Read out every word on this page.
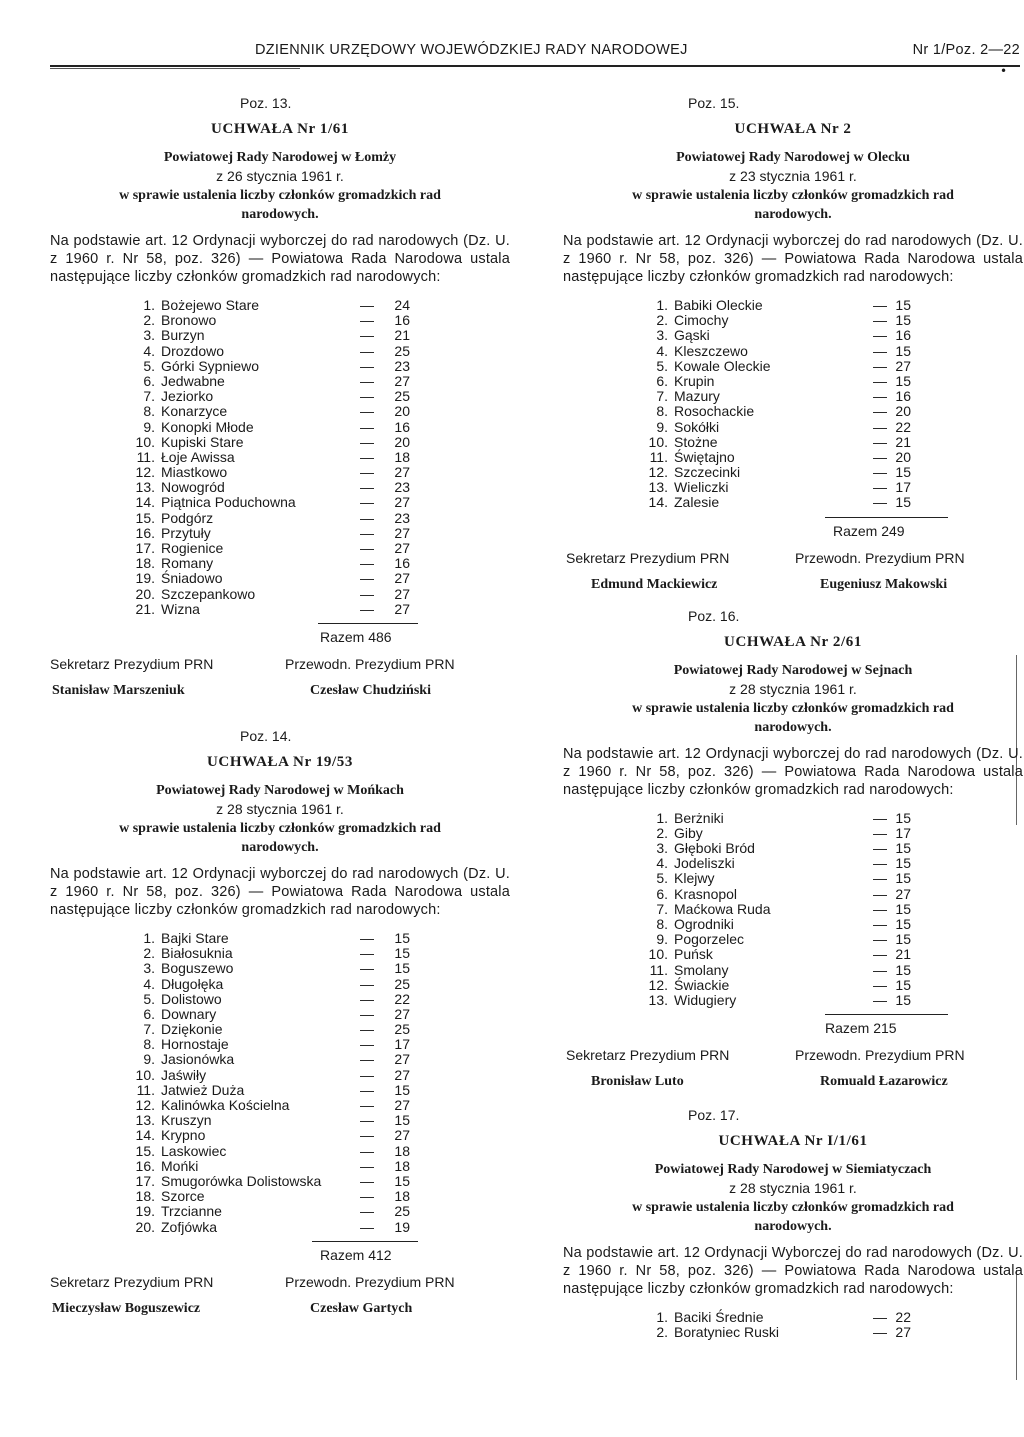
DZIENNIK URZĘDOWY WOJEWÓDZKIEJ RADY NARODOWEJ	Nr 1/Poz. 2—22
•
Poz. 13.
UCHWAŁA Nr 1/61
Powiatowej Rady Narodowej w Łomży
z 26 stycznia 1961 r.
w sprawie ustalenia liczby członków gromadzkich rad
narodowych.
Na podstawie art. 12 Ordynacji wyborczej do rad narodowych (Dz. U. z 1960 r. Nr 58, poz. 326) — Powiatowa Rada Narodowa ustala następujące liczby członków gromadzkich rad narodowych:
1. Bożejewo Stare	—	24
2. Bronowo	—	16
3. Burzyn	—	21
4. Drozdowo	—	25
5. Górki Sypniewo	—	23
6. Jedwabne	—	27
7. Jeziorko	—	25
8. Konarzyce	—	20
9. Konopki Młode	—	16
10. Kupiski Stare	—	20
11. Łoje Awissa	—	18
12. Miastkowo	—	27
13. Nowogród	—	23
14. Piątnica Poduchowna	—	27
15. Podgórz	—	23
16. Przytuły	—	27
17. Rogienice	—	27
18. Romany	—	16
19. Śniadowo	—	27
20. Szczepankowo	—	27
21. Wizna	—	27
Razem 486
Sekretarz Prezydium PRN
Stanisław Marszeniuk
Przewodn. Prezydium PRN
Czesław Chudziński
Poz. 14.
UCHWAŁA Nr 19/53
Powiatowej Rady Narodowej w Mońkach
z 28 stycznia 1961 r.
w sprawie ustalenia liczby członków gromadzkich rad
narodowych.
Na podstawie art. 12 Ordynacji wyborczej do rad narodowych (Dz. U. z 1960 r. Nr 58, poz. 326) — Powiatowa Rada Narodowa ustala następujące liczby członków gromadzkich rad narodowych:
1. Bajki Stare	—	15
2. Białosuknia	—	15
3. Boguszewo	—	15
4. Długołęka	—	25
5. Dolistowo	—	22
6. Downary	—	27
7. Dziękonie	—	25
8. Hornostaje	—	17
9. Jasionówka	—	27
10. Jaświły	—	27
11. Jatwież Duża	—	15
12. Kalinówka Kościelna	—	27
13. Kruszyn	—	15
14. Krypno	—	27
15. Laskowiec	—	18
16. Mońki	—	18
17. Smugorówka Dolistowska	—	15
18. Szorce	—	18
19. Trzcianne	—	25
20. Zofjówka	—	19
Razem 412
Sekretarz Prezydium PRN
Mieczysław Boguszewicz
Przewodn. Prezydium PRN
Czesław Gartych
Poz. 15.
UCHWAŁA Nr 2
Powiatowej Rady Narodowej w Olecku
z 23 stycznia 1961 r.
w sprawie ustalenia liczby członków gromadzkich rad
narodowych.
Na podstawie art. 12 Ordynacji wyborczej do rad narodowych (Dz. U. z 1960 r. Nr 58, poz. 326) — Powiatowa Rada Narodowa ustala następujące liczby członków gromadzkich rad narodowych:
1. Babiki Oleckie	— 15
2. Cimochy	— 15
3. Gąski	— 16
4. Kleszczewo	— 15
5. Kowale Oleckie	— 27
6. Krupin	— 15
7. Mazury	— 16
8. Rosochackie	— 20
9. Sokółki	— 22
10. Stożne	— 21
11. Świętajno	— 20
12. Szczecinki	— 15
13. Wieliczki	— 17
14. Zalesie	— 15
Razem 249
Sekretarz Prezydium PRN
Edmund Mackiewicz
Przewodn. Prezydium PRN
Eugeniusz Makowski
Poz. 16.
UCHWAŁA Nr 2/61
Powiatowej Rady Narodowej w Sejnach
z 28 stycznia 1961 r.
w sprawie ustalenia liczby członków gromadzkich rad
narodowych.
Na podstawie art. 12 Ordynacji wyborczej do rad narodowych (Dz. U. z 1960 r. Nr 58, poz. 326) — Powiatowa Rada Narodowa ustala następujące liczby członków gromadzkich rad narodowych:
1. Berżniki	— 15
2. Giby	— 17
3. Głęboki Bród	— 15
4. Jodeliszki	— 15
5. Klejwy	— 15
6. Krasnopol	— 27
7. Maćkowa Ruda	— 15
8. Ogrodniki	— 15
9. Pogorzelec	— 15
10. Puńsk	— 21
11. Smolany	— 15
12. Świackie	— 15
13. Widugiery	— 15
Razem 215
Sekretarz Prezydium PRN
Bronisław Luto
Przewodn. Prezydium PRN
Romuald Łazarowicz
Poz. 17.
UCHWAŁA Nr I/1/61
Powiatowej Rady Narodowej w Siemiatyczach
z 28 stycznia 1961 r.
w sprawie ustalenia liczby członków gromadzkich rad
narodowych.
Na podstawie art. 12 Ordynacji Wyborczej do rad narodowych (Dz. U. z 1960 r. Nr 58, poz. 326) — Powiatowa Rada Narodowa ustala następujące liczby członków gromadzkich rad narodowych:
1. Baciki Średnie	— 22
2. Boratyniec Ruski	— 27
